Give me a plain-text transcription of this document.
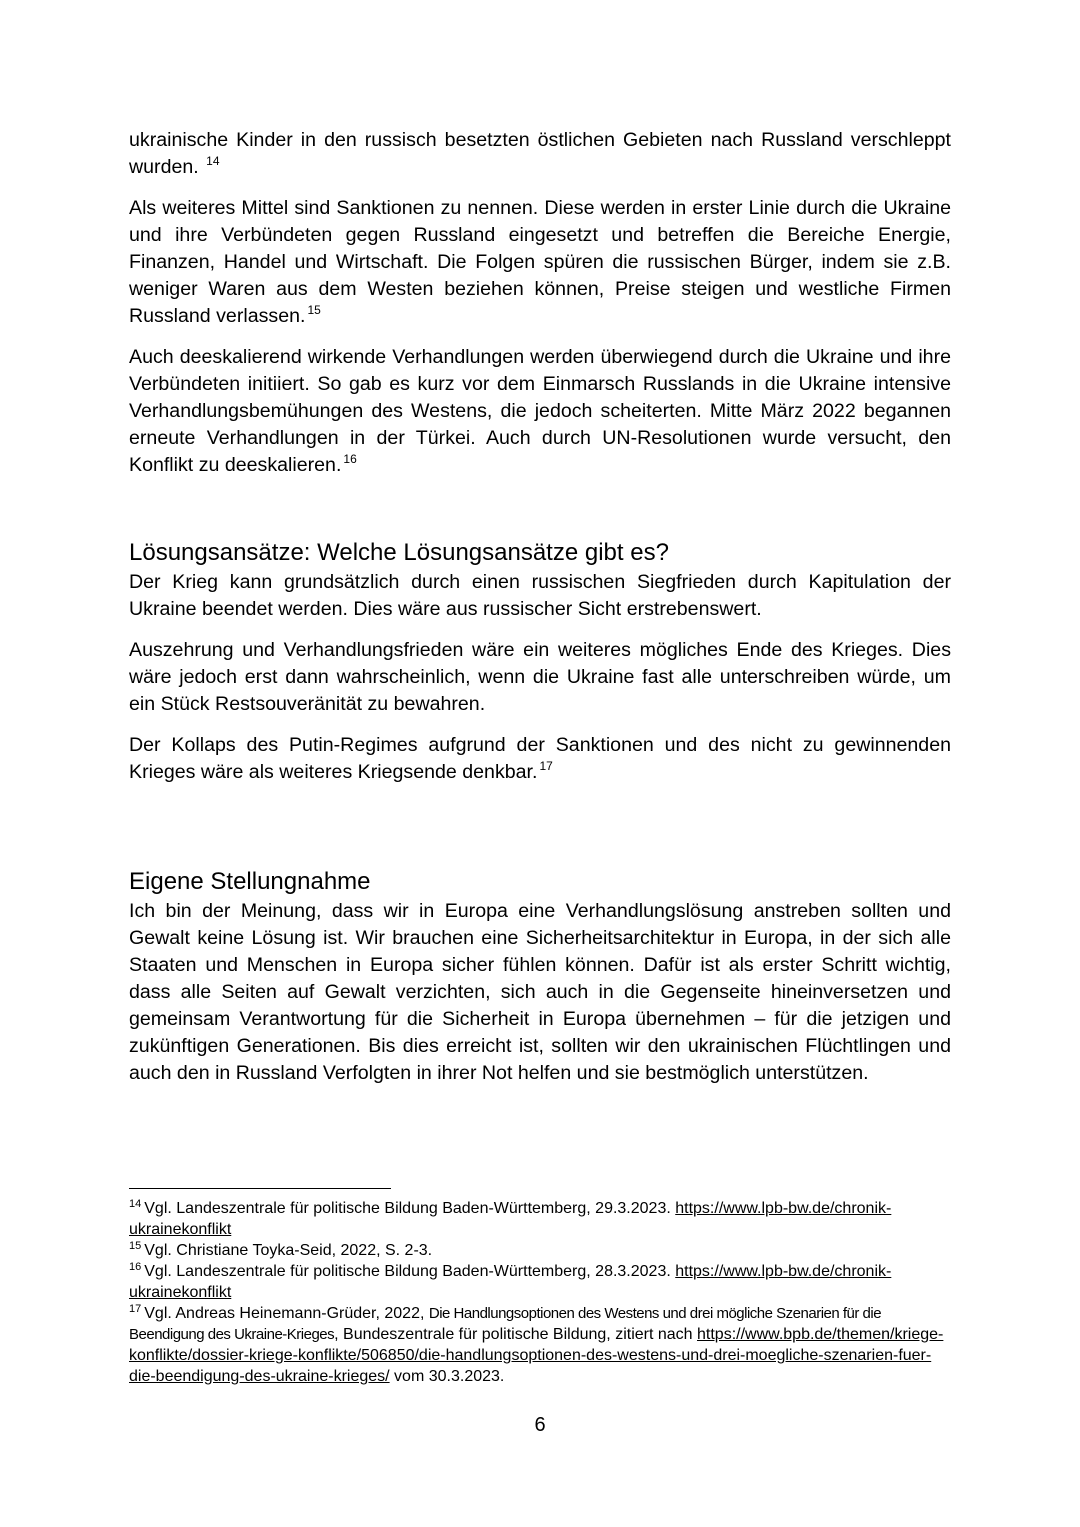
ukrainische Kinder in den russisch besetzten östlichen Gebieten nach Russland verschleppt wurden. $^{14}$

Als weiteres Mittel sind Sanktionen zu nennen. Diese werden in erster Linie durch die Ukraine und ihre Verbündeten gegen Russland eingesetzt und betreffen die Bereiche Energie, Finanzen, Handel und Wirtschaft. Die Folgen spüren die russischen Bürger, indem sie z.B. weniger Waren aus dem Westen beziehen können, Preise steigen und westliche Firmen Russland verlassen. $^{15}$

Auch deeskalierend wirkende Verhandlungen werden überwiegend durch die Ukraine und ihre Verbündeten initiiert. So gab es kurz vor dem Einmarsch Russlands in die Ukraine intensive Verhandlungsbemühungen des Westens, die jedoch scheiterten. Mitte März 2022 begannen erneute Verhandlungen in der Türkei. Auch durch UN-Resolutionen wurde versucht, den Konflikt zu deeskalieren. $^{16}$

Lösungsansätze: Welche Lösungsansätze gibt es?

Der Krieg kann grundsätzlich durch einen russischen Siegfrieden durch Kapitulation der Ukraine beendet werden. Dies wäre aus russischer Sicht erstrebenswert.

Auszehrung und Verhandlungsfrieden wäre ein weiteres mögliches Ende des Krieges. Dies wäre jedoch erst dann wahrscheinlich, wenn die Ukraine fast alle unterschreiben würde, um ein Stück Restsouveränität zu bewahren.

Der Kollaps des Putin-Regimes aufgrund der Sanktionen und des nicht zu gewinnenden Krieges wäre als weiteres Kriegsende denkbar. $^{17}$

Eigene Stellungnahme

Ich bin der Meinung, dass wir in Europa eine Verhandlungslösung anstreben sollten und Gewalt keine Lösung ist. Wir brauchen eine Sicherheitsarchitektur in Europa, in der sich alle Staaten und Menschen in Europa sicher fühlen können. Dafür ist als erster Schritt wichtig, dass alle Seiten auf Gewalt verzichten, sich auch in die Gegenseite hineinversetzen und gemeinsam Verantwortung für die Sicherheit in Europa übernehmen – für die jetzigen und zukünftigen Generationen. Bis dies erreicht ist, sollten wir den ukrainischen Flüchtlingen und auch den in Russland Verfolgten in ihrer Not helfen und sie bestmöglich unterstützen.

$^{14}$ Vgl. Landeszentrale für politische Bildung Baden-Württemberg, 29.3.2023. https://www.lpb-bw.de/chronik-ukrainekonflikt

$^{15}$ Vgl. Christiane Toyka-Seid, 2022, S. 2-3.

$^{16}$ Vgl. Landeszentrale für politische Bildung Baden-Württemberg, 28.3.2023. https://www.lpb-bw.de/chronik-ukrainekonflikt

$^{17}$ Vgl. Andreas Heinemann-Grüder, 2022, Die Handlungsoptionen des Westens und drei mögliche Szenarien für die Beendigung des Ukraine-Krieges, Bundeszentrale für politische Bildung, zitiert nach https://www.bpb.de/themen/kriege-konflikte/dossier-kriege-konflikte/506850/die-handlungsoptionen-des-westens-und-drei-moegliche-szenarien-fuer-die-beendigung-des-ukraine-krieges/ vom 30.3.2023.

6
